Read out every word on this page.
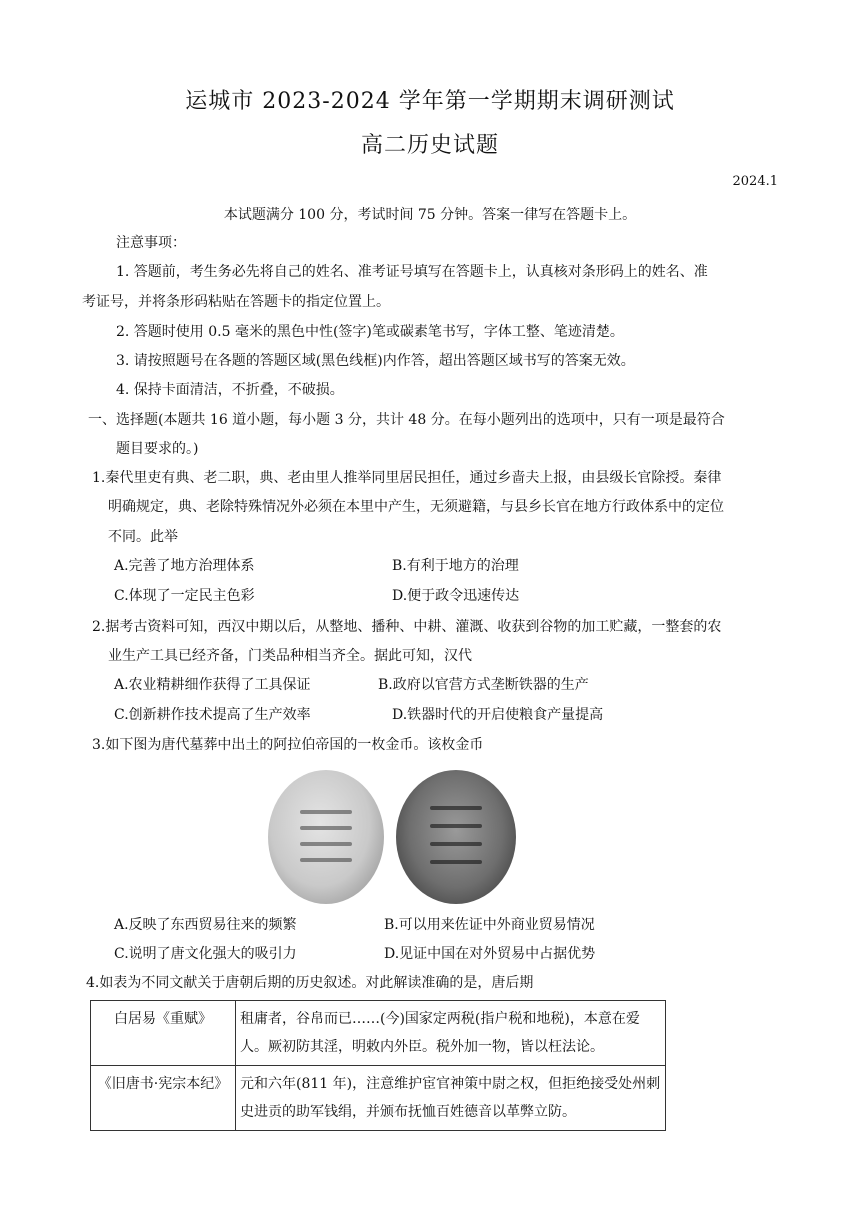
运城市 2023-2024 学年第一学期期末调研测试
高二历史试题
2024.1
本试题满分 100 分，考试时间 75 分钟。答案一律写在答题卡上。
注意事项：
1. 答题前，考生务必先将自己的姓名、准考证号填写在答题卡上，认真核对条形码上的姓名、准
考证号，并将条形码粘贴在答题卡的指定位置上。
2. 答题时使用 0.5 毫米的黑色中性(签字)笔或碳素笔书写，字体工整、笔迹清楚。
3. 请按照题号在各题的答题区域(黑色线框)内作答，超出答题区域书写的答案无效。
4. 保持卡面清洁，不折叠，不破损。
一、选择题(本题共 16 道小题，每小题 3 分，共计 48 分。在每小题列出的选项中，只有一项是最符合
题目要求的。)
1.秦代里吏有典、老二职，典、老由里人推举同里居民担任，通过乡啬夫上报，由县级长官除授。秦律
明确规定，典、老除特殊情况外必须在本里中产生，无须避籍，与县乡长官在地方行政体系中的定位
不同。此举
A.完善了地方治理体系	B.有利于地方的治理
C.体现了一定民主色彩	D.便于政令迅速传达
2.据考古资料可知，西汉中期以后，从整地、播种、中耕、灌溉、收获到谷物的加工贮藏，一整套的农
业生产工具已经齐备，门类品种相当齐全。据此可知，汉代
A.农业精耕细作获得了工具保证	B.政府以官营方式垄断铁器的生产
C.创新耕作技术提高了生产效率	D.铁器时代的开启使粮食产量提高
3.如下图为唐代墓葬中出土的阿拉伯帝国的一枚金币。该枚金币
A.反映了东西贸易往来的频繁	B.可以用来佐证中外商业贸易情况
C.说明了唐文化强大的吸引力	D.见证中国在对外贸易中占据优势
4.如表为不同文献关于唐朝后期的历史叙述。对此解读准确的是，唐后期
白居易《重赋》	租庸者，谷帛而已……(今)国家定两税(指户税和地税)，本意在爱人。厥初防其淫，明敕内外臣。税外加一物，皆以枉法论。
《旧唐书·宪宗本纪》	元和六年(811 年)，注意维护宦官神策中尉之权，但拒绝接受处州刺史进贡的助军钱绢，并颁布抚恤百姓德音以革弊立防。
